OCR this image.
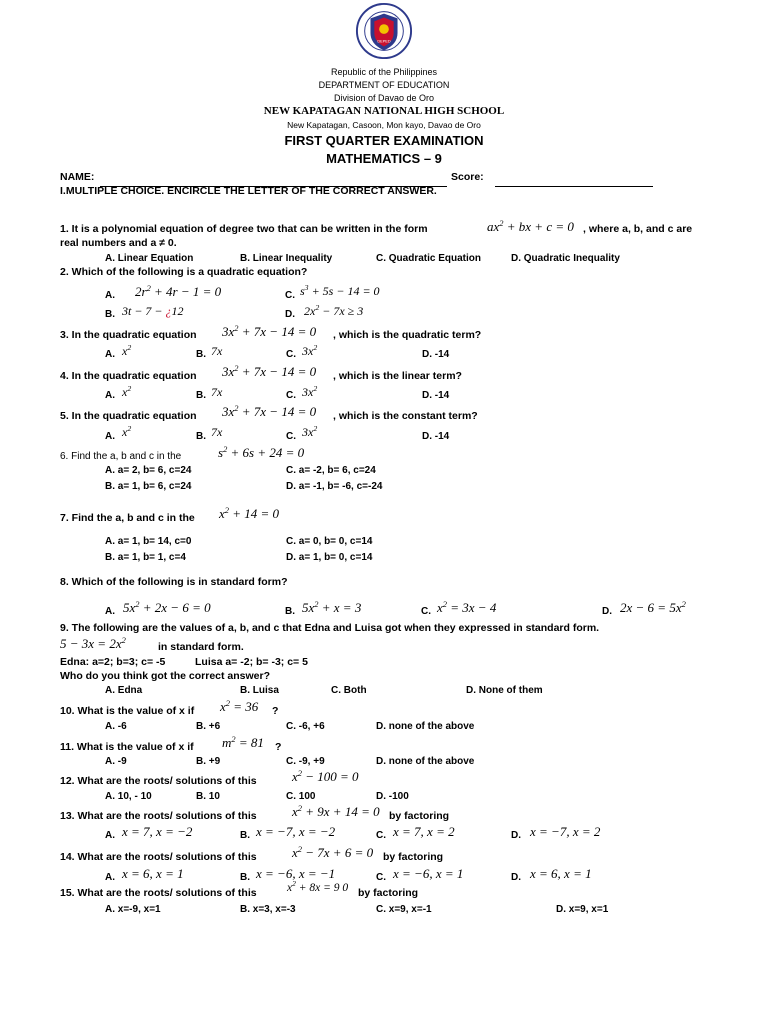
DEPED
Republic of the Philippines
DEPARTMENT OF EDUCATION
Division of Davao de Oro
NEW KAPATAGAN NATIONAL HIGH SCHOOL
New Kapatagan, Casoon, Mon kayo, Davao de Oro
FIRST QUARTER EXAMINATION
MATHEMATICS – 9
NAME:	Score:
I.MULTIPLE CHOICE. ENCIRCLE THE LETTER OF THE CORRECT ANSWER.
1. It is a polynomial equation of degree two that can be written in the form	$ax^2$ + bx + c = 0 , where a, b, and c are
real numbers and a ≠ 0.
A. Linear Equation	B. Linear Inequality	C. Quadratic Equation	D. Quadratic Inequality
2. Which of the following is a quadratic equation?
A. $2r^2 + 4r - 1 = 0$	C. $s^3 + 5s - 14 = 0$
B. 3t − 7 − ¿12	D. $2x^2 - 7x \ge 3$
3. In the quadratic equation $3x^2 + 7x - 14 = 0$ , which is the quadratic term?
A. $x^2$
B. 7x	C. $3x^2$
D. -14
4. In the quadratic equation $3x^2 + 7x - 14 = 0$ , which is the linear term?
A. $x^2$
B. 7x	C. $3x^2$
D. -14
5. In the quadratic equation $3x^2 + 7x - 14 = 0$ , which is the constant term?
A. $x^2$
B. 7x	C. $3x^2$
D. -14
6. Find the a, b and c in the	$s^2 + 6s + 24 = 0$
A. a= 2, b= 6, c=24	C. a= -2, b= 6, c=24
B. a= 1, b= 6, c=24	D. a= -1, b= -6, c=-24
7. Find the a, b and c in the $x^2 + 14 = 0$
A. a= 1, b= 14, c=0	C. a= 0, b= 0, c=14
B. a= 1, b= 1, c=4	D. a= 1, b= 0, c=14
8. Which of the following is in standard form?
A. $5x^2 + 2x - 6 = 0$	B. $5x^2 + x = 3$	C. $x^2 = 3x - 4$	D. $2x - 6 = 5x^2$
9. The following are the values of a, b, and c that Edna and Luisa got when they expressed in standard form.
$5 - 3x = 2x^2$
in standard form.
Edna: a=2; b=3; c= -5	Luisa a= -2; b= -3; c= 5
Who do you think got the correct answer?
A. Edna	B. Luisa	C. Both	D. None of them
10. What is the value of x if $x^2 = 36$ ?
A. -6	B. +6	C. -6, +6	D. none of the above
11. What is the value of x if $m^2 = 81$ ?
A. -9	B. +9	C. -9, +9	D. none of the above
12. What are the roots/ solutions of this	$x^2 - 100 = 0$
A. 10, - 10	B. 10	C. 100	D. -100
13. What are the roots/ solutions of this	$x^2 + 9x + 14 = 0$ by factoring
A. x = 7, x = −2	B. x = −7, x = −2	C. x = 7, x = 2	D. x = −7, x = 2
14. What are the roots/ solutions of this	$x^2 - 7x + 6 = 0$ by factoring
A. x = 6, x = 1	B. x = −6, x = −1	C. x = −6, x = 1	D. x = 6, x = 1
15. What are the roots/ solutions of this	$x^2 + 8x = 9$ 0 by factoring
A. x=-9, x=1	B. x=3, x=-3	C. x=9, x=-1	D. x=9, x=1
